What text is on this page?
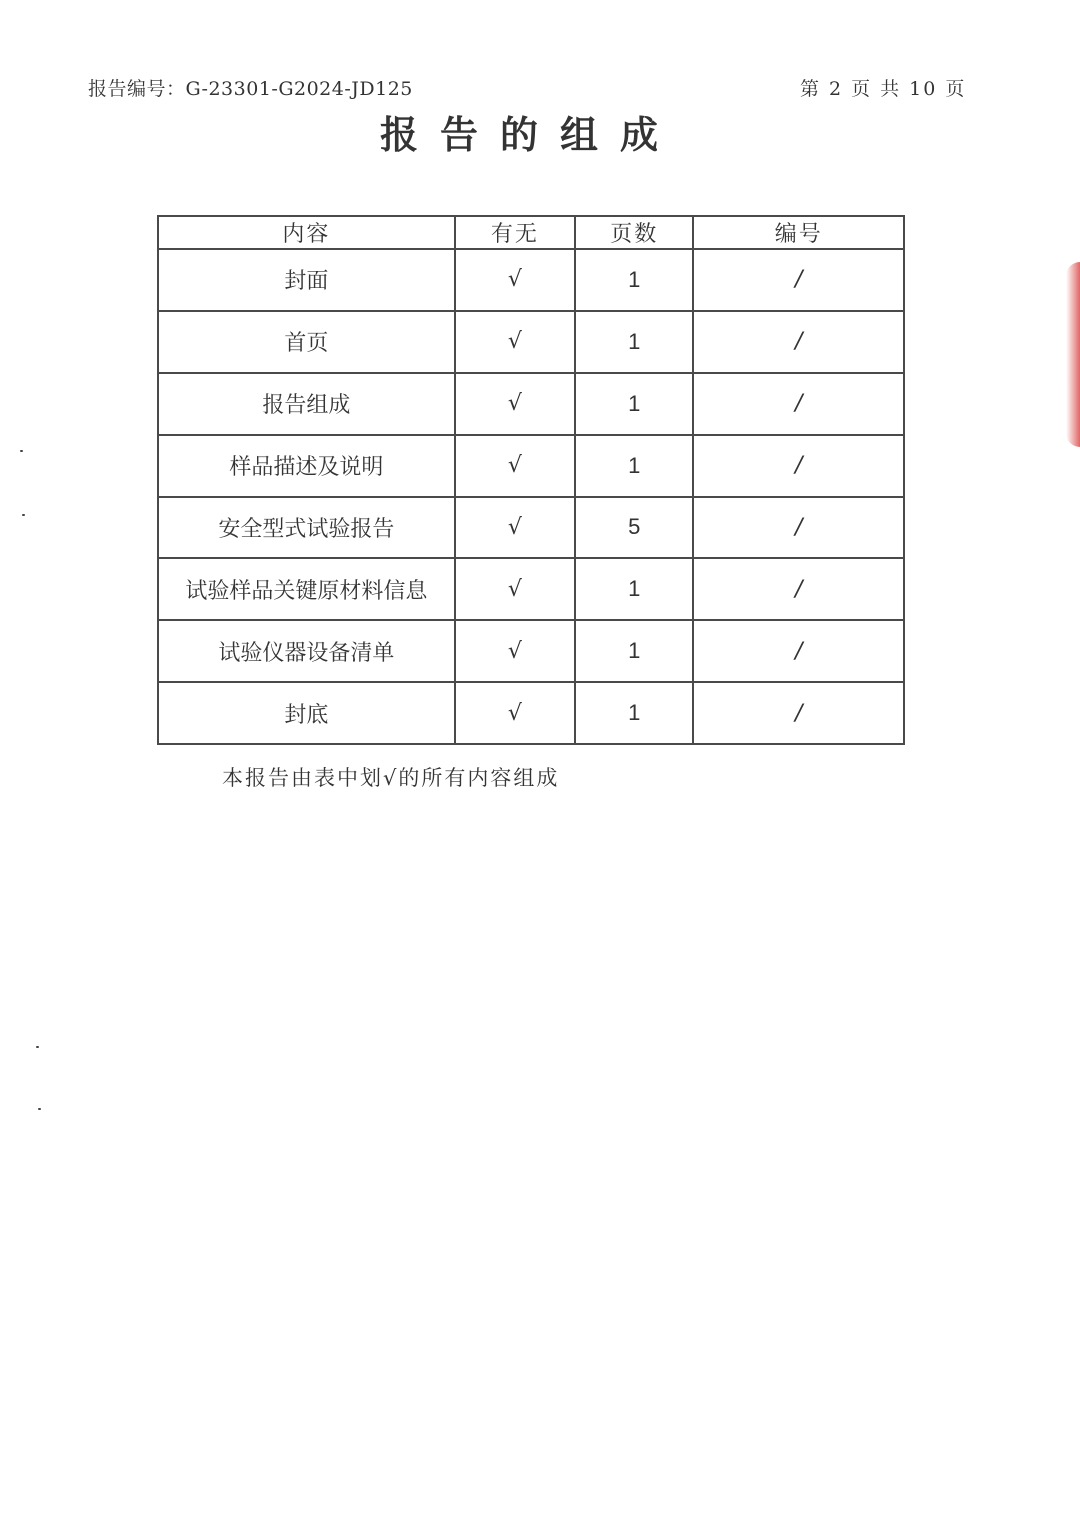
报告编号：G-23301-G2024-JD125	第 2 页 共 10 页
报告的组成
内容	有无	页数	编号
封面	√	1	/
首页	√	1	/
报告组成	√	1	/
样品描述及说明	√	1	/
安全型式试验报告	√	5	/
试验样品关键原材料信息	√	1	/
试验仪器设备清单	√	1	/
封底	√	1	/
本报告由表中划√的所有内容组成
